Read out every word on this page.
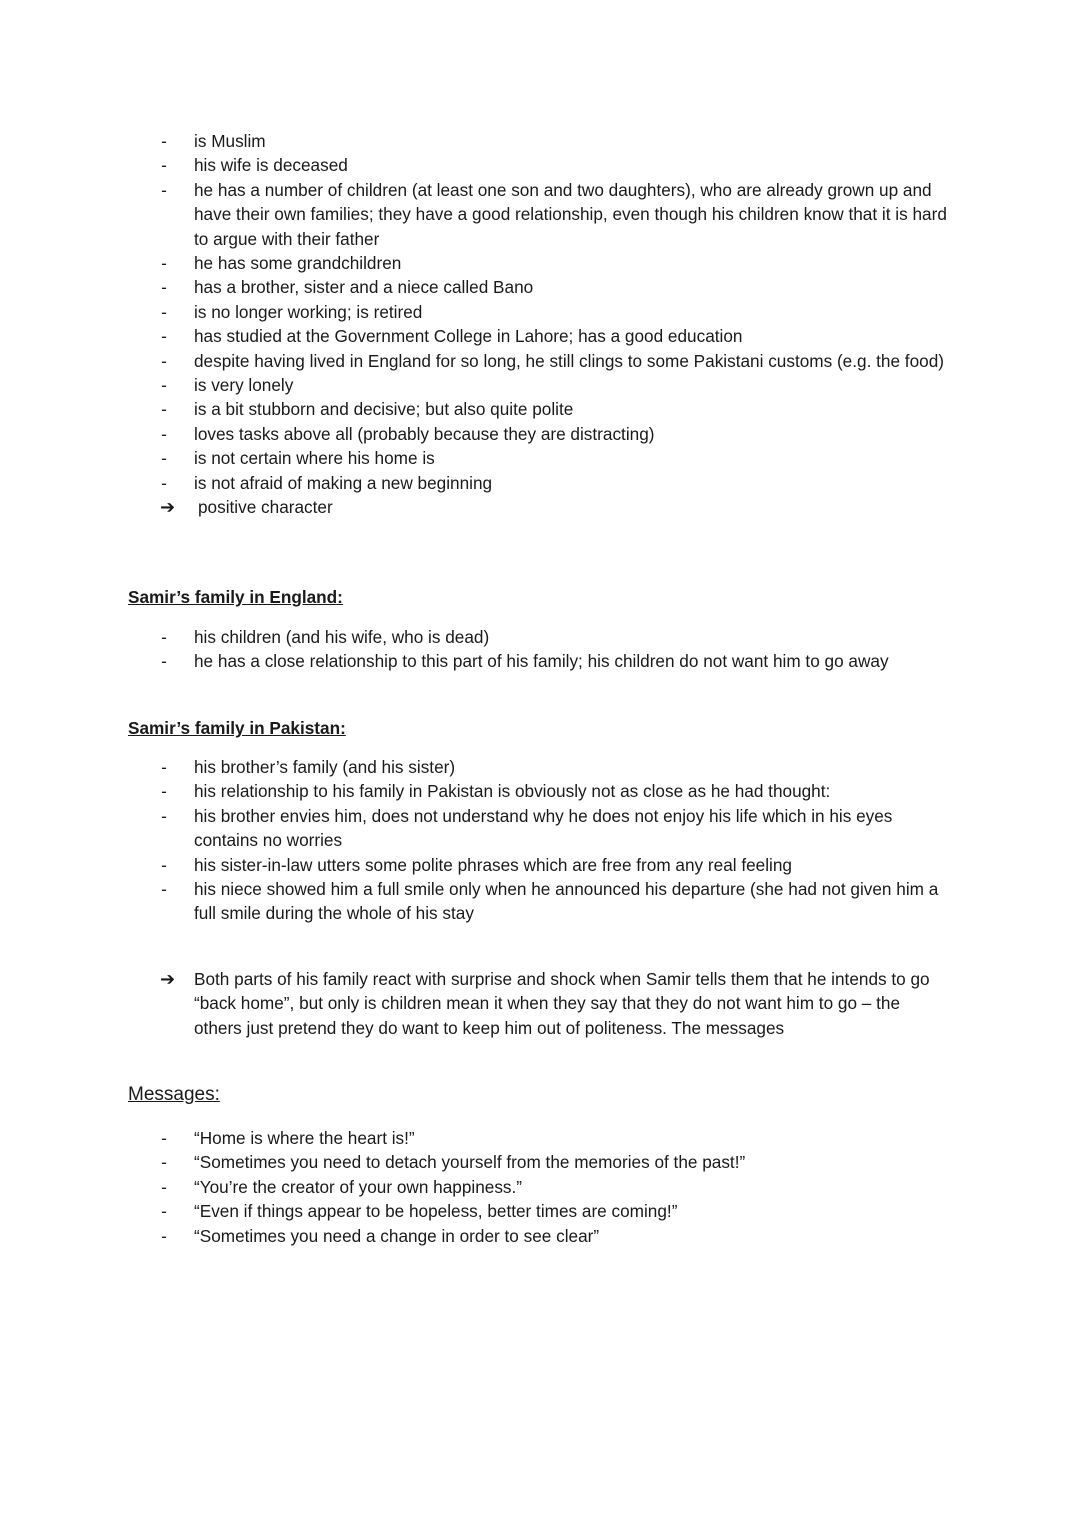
- is Muslim
- his wife is deceased
- he has a number of children (at least one son and two daughters), who are already grown up and have their own families; they have a good relationship, even though his children know that it is hard to argue with their father
- he has some grandchildren
- has a brother, sister and a niece called Bano
- is no longer working; is retired
- has studied at the Government College in Lahore; has a good education
- despite having lived in England for so long, he still clings to some Pakistani customs (e.g. the food)
- is very lonely
- is a bit stubborn and decisive; but also quite polite
- loves tasks above all (probably because they are distracting)
- is not certain where his home is
- is not afraid of making a new beginning
➔ positive character
Samir’s family in England:
- his children (and his wife, who is dead)
- he has a close relationship to this part of his family; his children do not want him to go away
Samir’s family in Pakistan:
- his brother’s family (and his sister)
- his relationship to his family in Pakistan is obviously not as close as he had thought:
- his brother envies him, does not understand why he does not enjoy his life which in his eyes contains no worries
- his sister-in-law utters some polite phrases which are free from any real feeling
- his niece showed him a full smile only when he announced his departure (she had not given him a full smile during the whole of his stay
➔	Both parts of his family react with surprise and shock when Samir tells them that he intends to go “back home”, but only is children mean it when they say that they do not want him to go – the others just pretend they do want to keep him out of politeness. The messages
Messages:
- “Home is where the heart is!”
- “Sometimes you need to detach yourself from the memories of the past!”
- “You’re the creator of your own happiness.”
- “Even if things appear to be hopeless, better times are coming!”
- “Sometimes you need a change in order to see clear”
